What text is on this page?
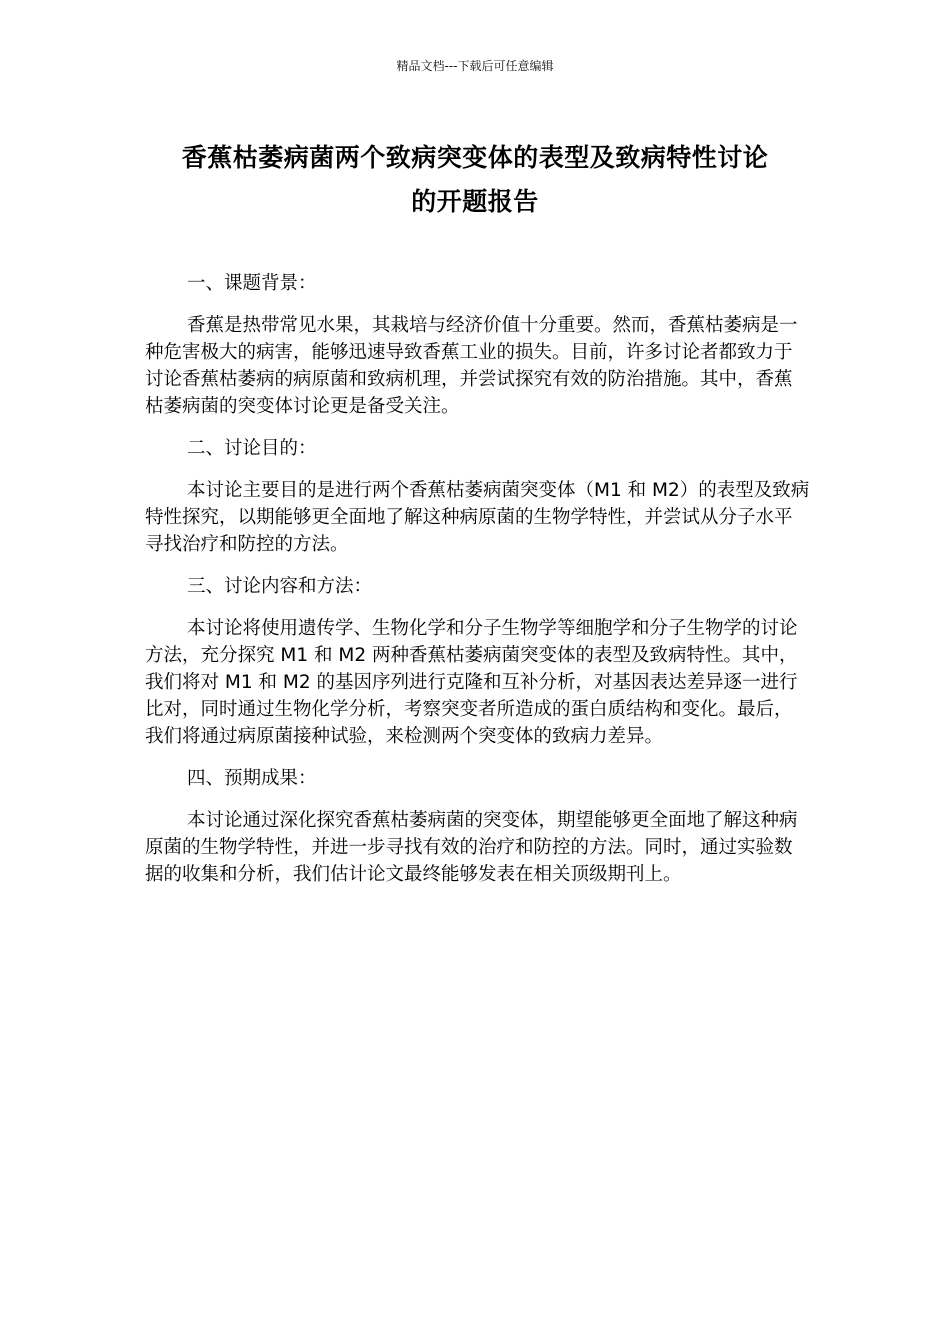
精品文档---下载后可任意编辑
香蕉枯萎病菌两个致病突变体的表型及致病特性讨论
的开题报告

一、课题背景：

香蕉是热带常见水果，其栽培与经济价值十分重要。然而，香蕉枯萎病是一种危害极大的病害，能够迅速导致香蕉工业的损失。目前，许多讨论者都致力于讨论香蕉枯萎病的病原菌和致病机理，并尝试探究有效的防治措施。其中，香蕉枯萎病菌的突变体讨论更是备受关注。

二、讨论目的：

本讨论主要目的是进行两个香蕉枯萎病菌突变体（M1 和 M2）的表型及致病特性探究，以期能够更全面地了解这种病原菌的生物学特性，并尝试从分子水平寻找治疗和防控的方法。

三、讨论内容和方法：

本讨论将使用遗传学、生物化学和分子生物学等细胞学和分子生物学的讨论方法，充分探究 M1 和 M2 两种香蕉枯萎病菌突变体的表型及致病特性。其中，我们将对 M1 和 M2 的基因序列进行克隆和互补分析，对基因表达差异逐一进行比对，同时通过生物化学分析，考察突变者所造成的蛋白质结构和变化。最后，我们将通过病原菌接种试验，来检测两个突变体的致病力差异。

四、预期成果：

本讨论通过深化探究香蕉枯萎病菌的突变体，期望能够更全面地了解这种病原菌的生物学特性，并进一步寻找有效的治疗和防控的方法。同时，通过实验数据的收集和分析，我们估计论文最终能够发表在相关顶级期刊上。
